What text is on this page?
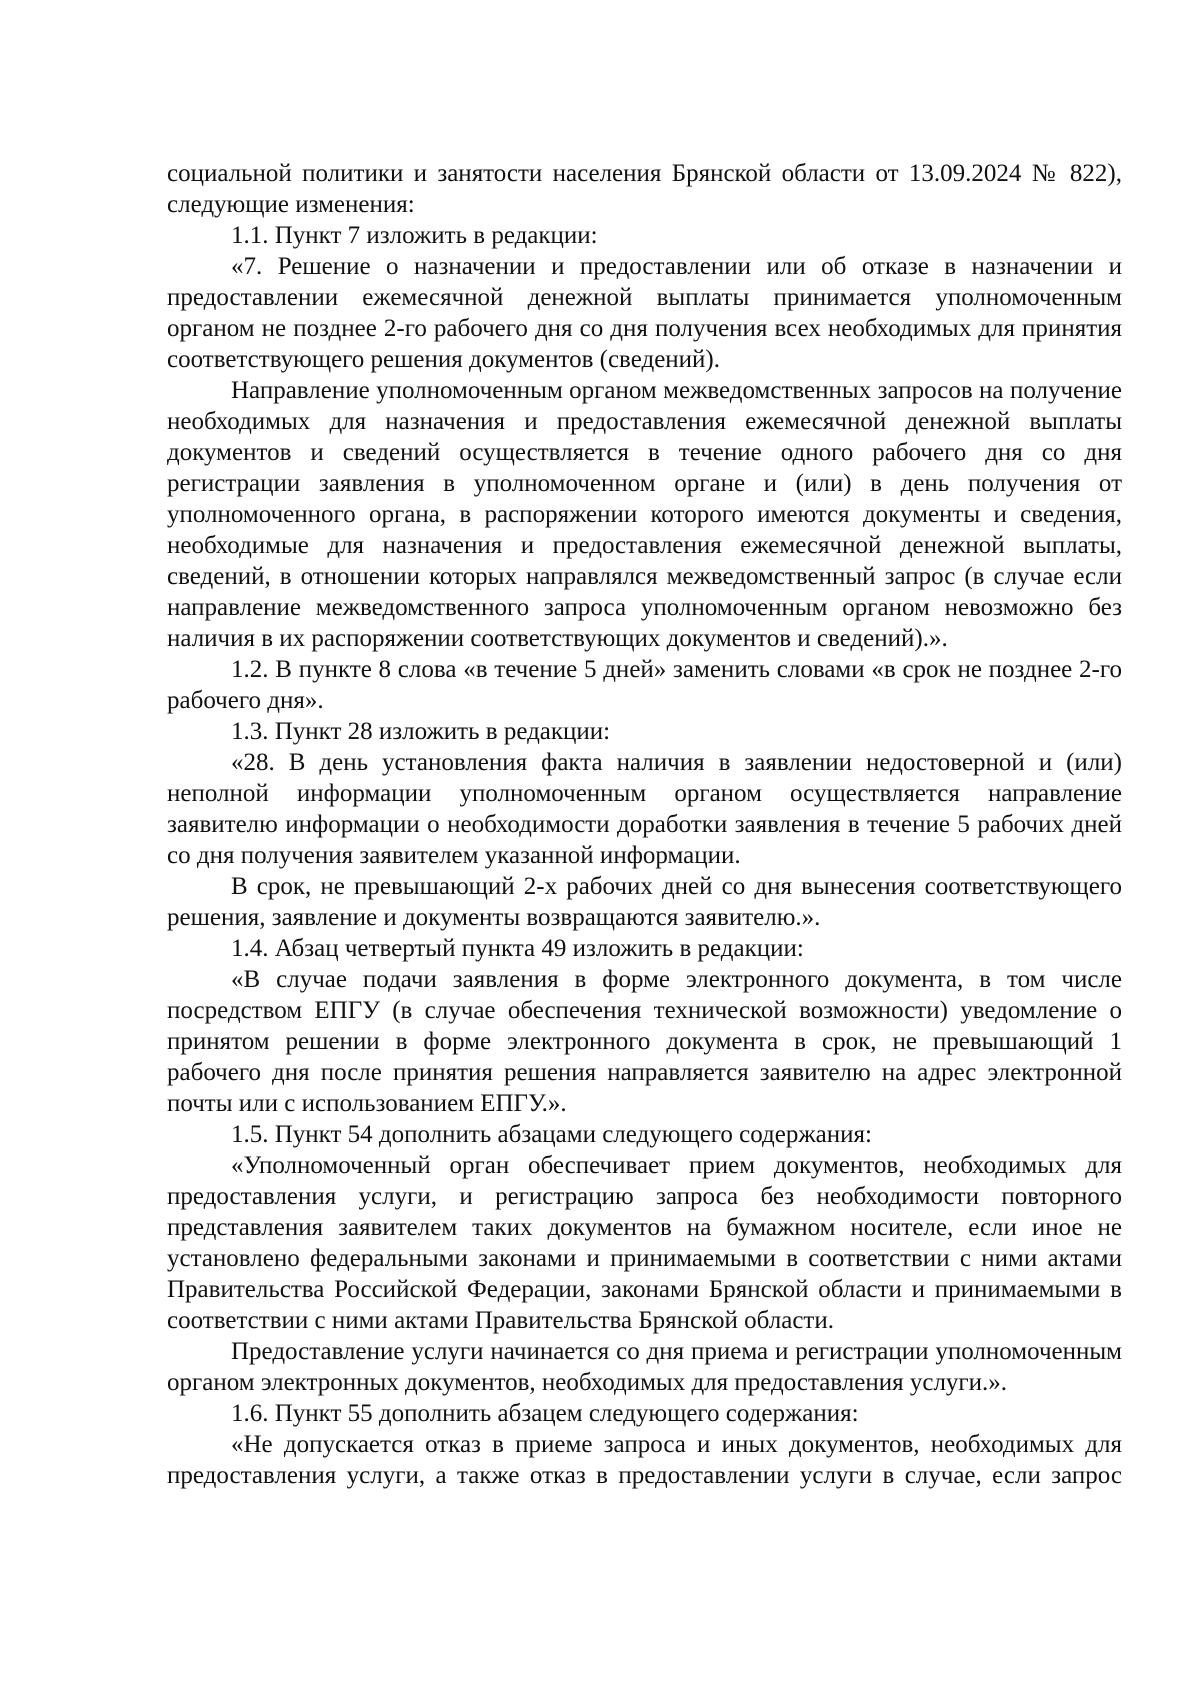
социальной политики и занятости населения Брянской области от 13.09.2024 № 822), следующие изменения:

1.1. Пункт 7 изложить в редакции:

«7. Решение о назначении и предоставлении или об отказе в назначении и предоставлении ежемесячной денежной выплаты принимается уполномоченным органом не позднее 2-го рабочего дня со дня получения всех необходимых для принятия соответствующего решения документов (сведений).

Направление уполномоченным органом межведомственных запросов на получение необходимых для назначения и предоставления ежемесячной денежной выплаты документов и сведений осуществляется в течение одного рабочего дня со дня регистрации заявления в уполномоченном органе и (или) в день получения от уполномоченного органа, в распоряжении которого имеются документы и сведения, необходимые для назначения и предоставления ежемесячной денежной выплаты, сведений, в отношении которых направлялся межведомственный запрос (в случае если направление межведомственного запроса уполномоченным органом невозможно без наличия в их распоряжении соответствующих документов и сведений).».

1.2. В пункте 8 слова «в течение 5 дней» заменить словами «в срок не позднее 2-го рабочего дня».

1.3. Пункт 28 изложить в редакции:

«28. В день установления факта наличия в заявлении недостоверной и (или) неполной информации уполномоченным органом осуществляется направление заявителю информации о необходимости доработки заявления в течение 5 рабочих дней со дня получения заявителем указанной информации.

В срок, не превышающий 2-х рабочих дней со дня вынесения соответствующего решения, заявление и документы возвращаются заявителю.».

1.4. Абзац четвертый пункта 49 изложить в редакции:

«В случае подачи заявления в форме электронного документа, в том числе посредством ЕПГУ (в случае обеспечения технической возможности) уведомление о принятом решении в форме электронного документа в срок, не превышающий 1 рабочего дня после принятия решения направляется заявителю на адрес электронной почты или с использованием ЕПГУ.».

1.5. Пункт 54 дополнить абзацами следующего содержания:

«Уполномоченный орган обеспечивает прием документов, необходимых для предоставления услуги, и регистрацию запроса без необходимости повторного представления заявителем таких документов на бумажном носителе, если иное не установлено федеральными законами и принимаемыми в соответствии с ними актами Правительства Российской Федерации, законами Брянской области и принимаемыми в соответствии с ними актами Правительства Брянской области.

Предоставление услуги начинается со дня приема и регистрации уполномоченным органом электронных документов, необходимых для предоставления услуги.».

1.6. Пункт 55 дополнить абзацем следующего содержания:

«Не допускается отказ в приеме запроса и иных документов, необходимых для предоставления услуги, а также отказ в предоставлении услуги в случае, если запрос
